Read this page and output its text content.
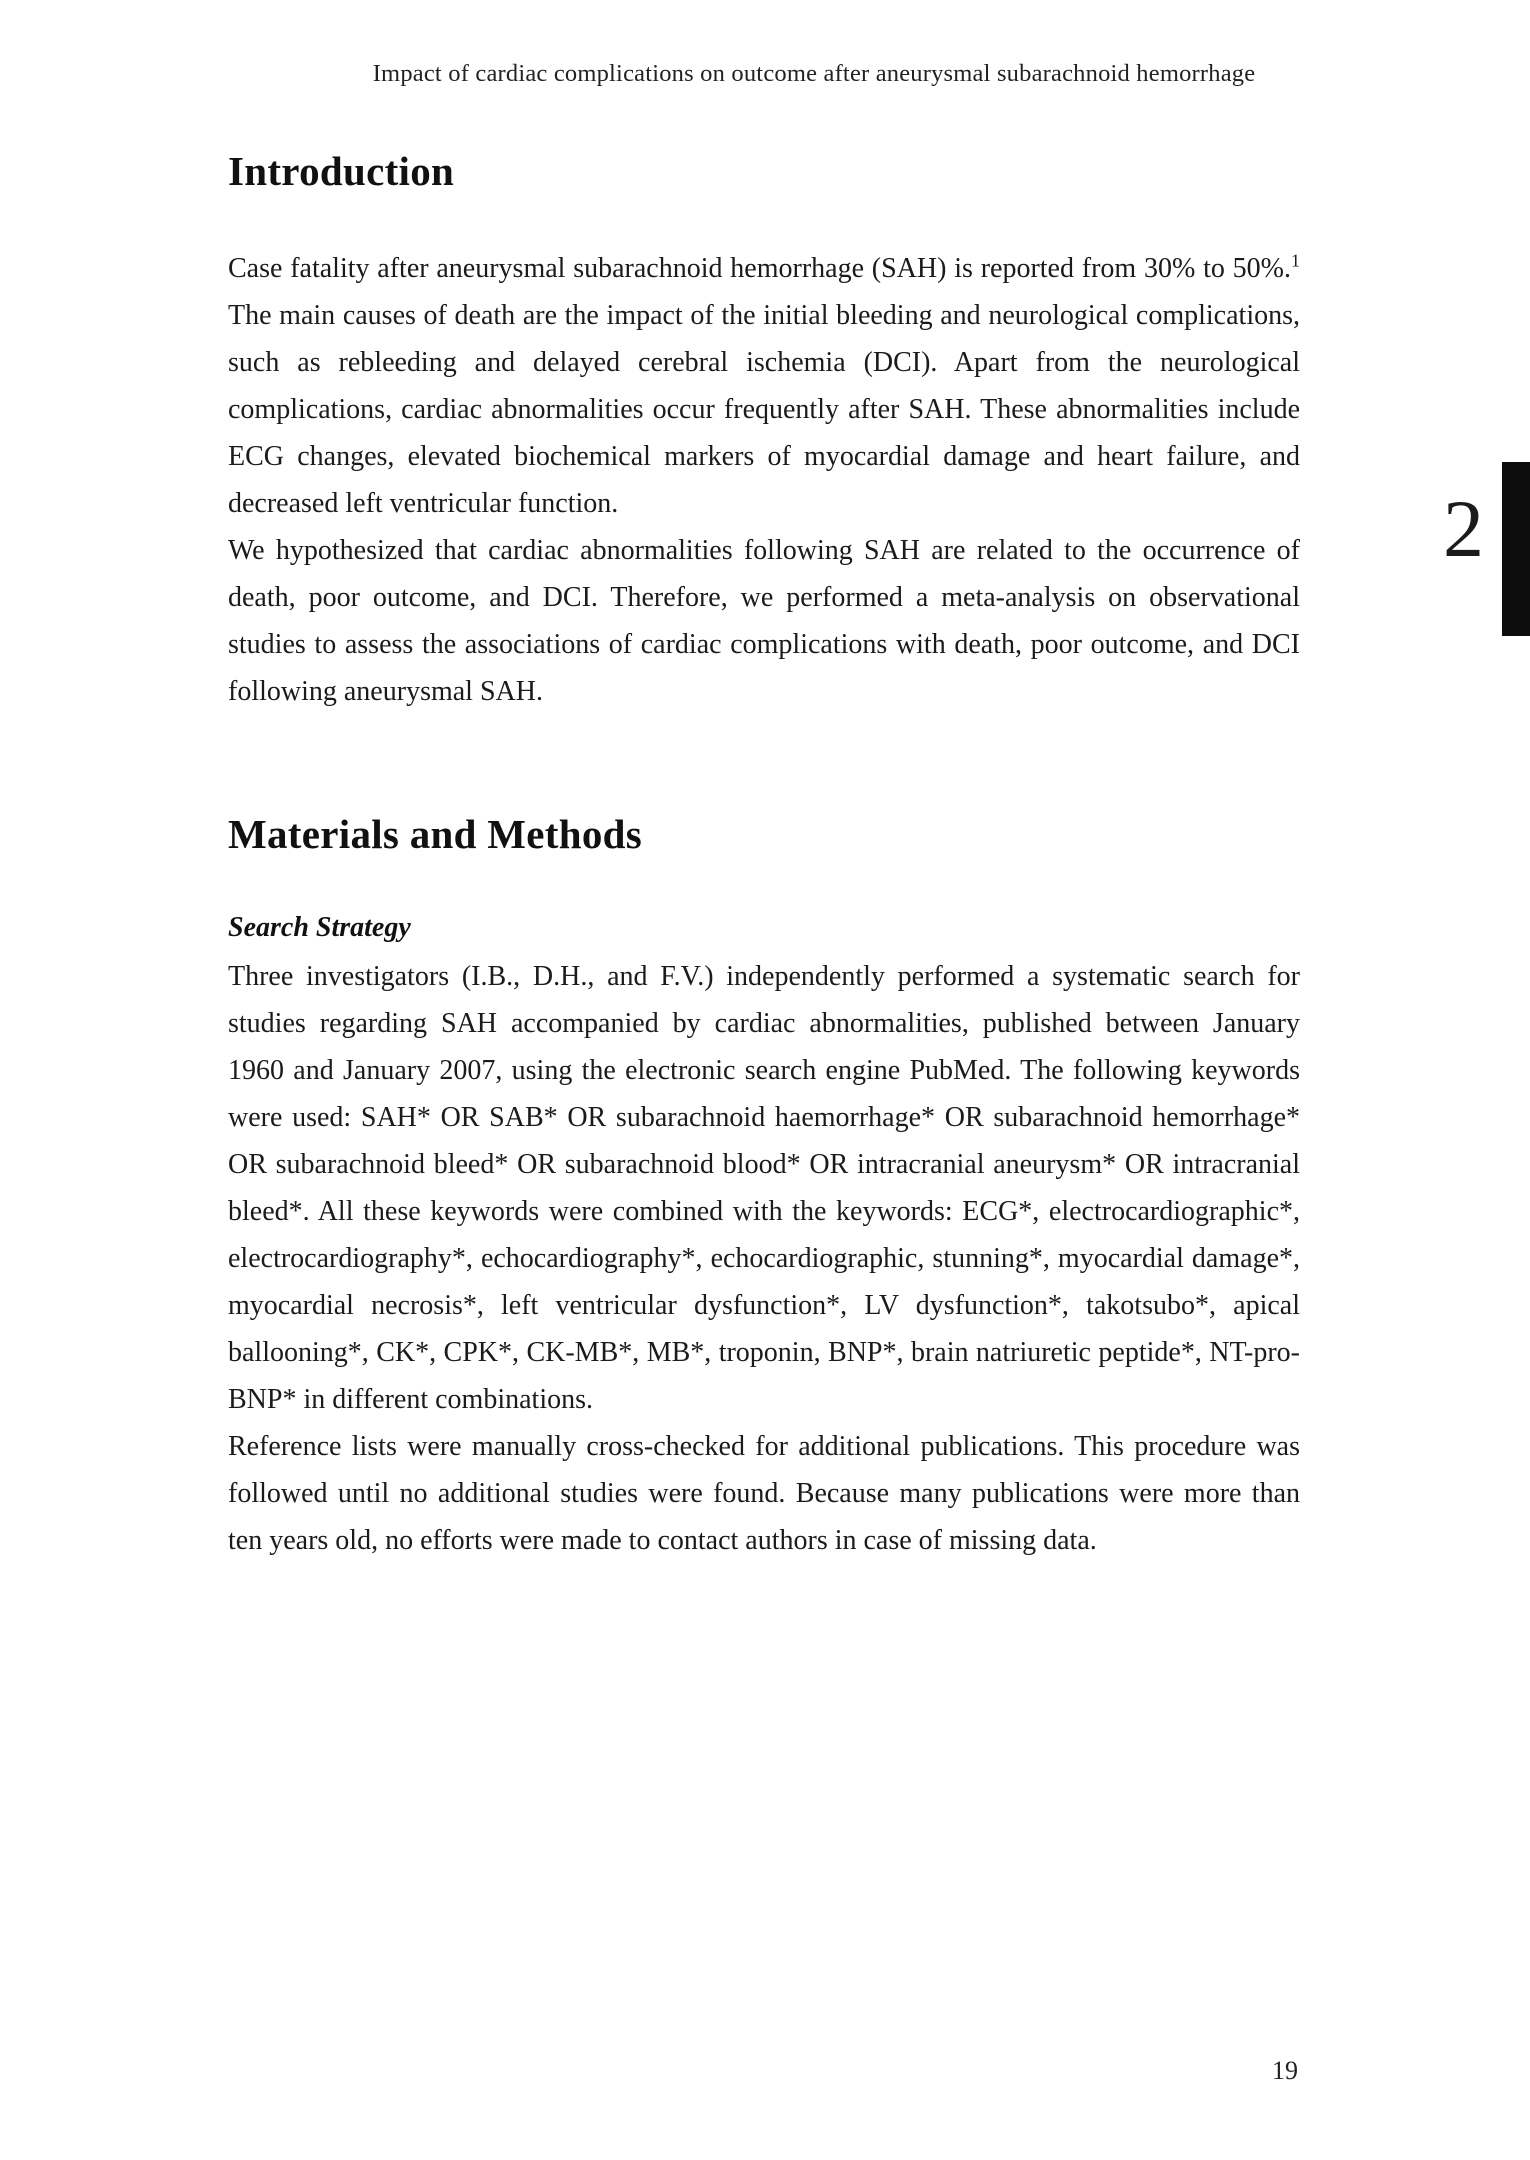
Impact of cardiac complications on outcome after aneurysmal subarachnoid hemorrhage
2
Introduction

Case fatality after aneurysmal subarachnoid hemorrhage (SAH) is reported from 30% to 50%.$^1$ The main causes of death are the impact of the initial bleeding and neurological complications, such as rebleeding and delayed cerebral ischemia (DCI). Apart from the neurological complications, cardiac abnormalities occur frequently after SAH. These abnormalities include ECG changes, elevated biochemical markers of myocardial damage and heart failure, and decreased left ventricular function.

We hypothesized that cardiac abnormalities following SAH are related to the occurrence of death, poor outcome, and DCI. Therefore, we performed a meta-analysis on observational studies to assess the associations of cardiac complications with death, poor outcome, and DCI following aneurysmal SAH.

Materials and Methods
Search Strategy

Three investigators (I.B., D.H., and F.V.) independently performed a systematic search for studies regarding SAH accompanied by cardiac abnormalities, published between January 1960 and January 2007, using the electronic search engine PubMed. The following keywords were used: SAH* OR SAB* OR subarachnoid haemorrhage* OR subarachnoid hemorrhage* OR subarachnoid bleed* OR subarachnoid blood* OR intracranial aneurysm* OR intracranial bleed*. All these keywords were combined with the keywords: ECG*, electrocardiographic*, electrocardiography*, echocardiography*, echocardiographic, stunning*, myocardial damage*, myocardial necrosis*, left ventricular dysfunction*, LV dysfunction*, takotsubo*, apical ballooning*, CK*, CPK*, CK-MB*, MB*, troponin, BNP*, brain natriuretic peptide*, NT-pro-BNP* in different combinations.

Reference lists were manually cross-checked for additional publications. This procedure was followed until no additional studies were found. Because many publications were more than ten years old, no efforts were made to contact authors in case of missing data.

19
